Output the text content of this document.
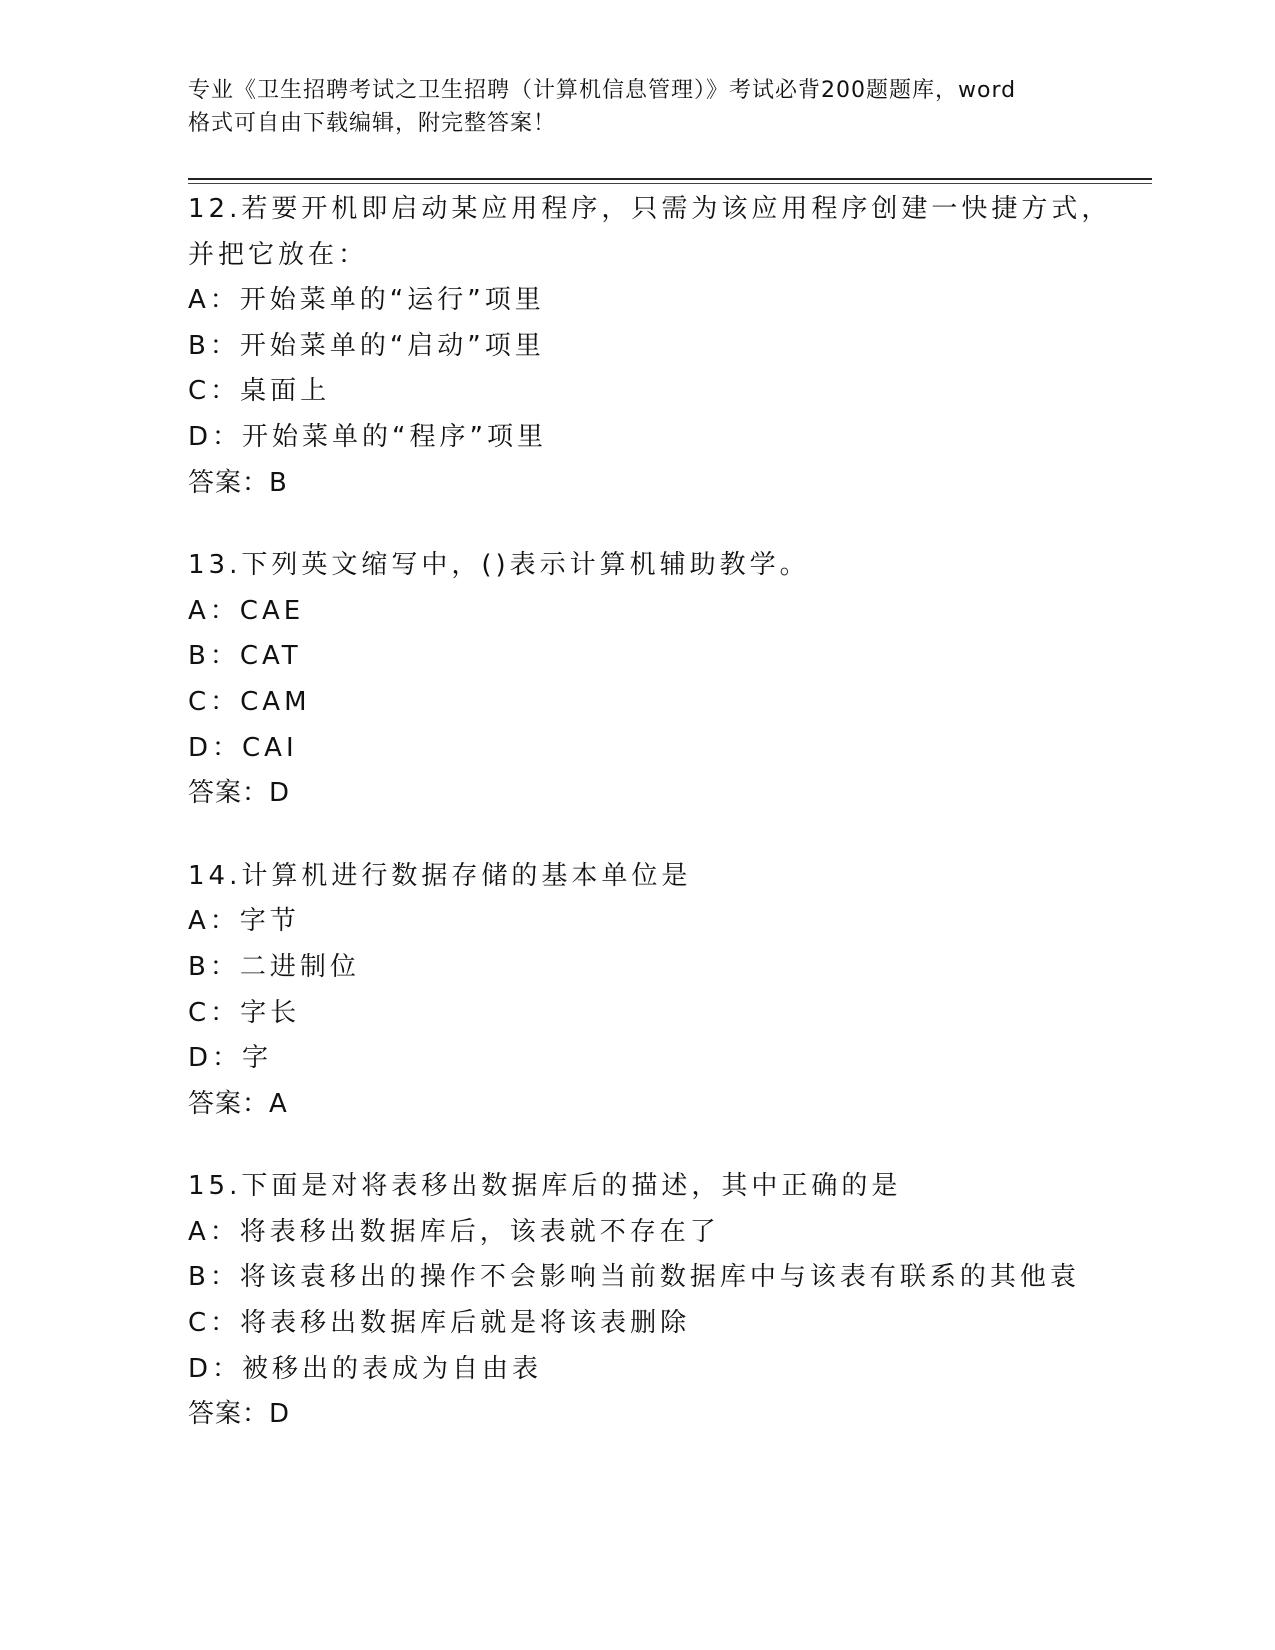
专业《卫生招聘考试之卫生招聘（计算机信息管理）》考试必背200题题库，word
格式可自由下载编辑，附完整答案！
12.若要开机即启动某应用程序，只需为该应用程序创建一快捷方式，
并把它放在：
A：开始菜单的“运行”项里
B：开始菜单的“启动”项里
C：桌面上
D：开始菜单的“程序”项里
答案：B
13.下列英文缩写中，()表示计算机辅助教学。
A：CAE
B：CAT
C：CAM
D：CAI
答案：D
14.计算机进行数据存储的基本单位是
A：字节
B：二进制位
C：字长
D：字
答案：A
15.下面是对将表移出数据库后的描述，其中正确的是
A：将表移出数据库后，该表就不存在了
B：将该袁移出的操作不会影响当前数据库中与该表有联系的其他袁
C：将表移出数据库后就是将该表删除
D：被移出的表成为自由表
答案：D
